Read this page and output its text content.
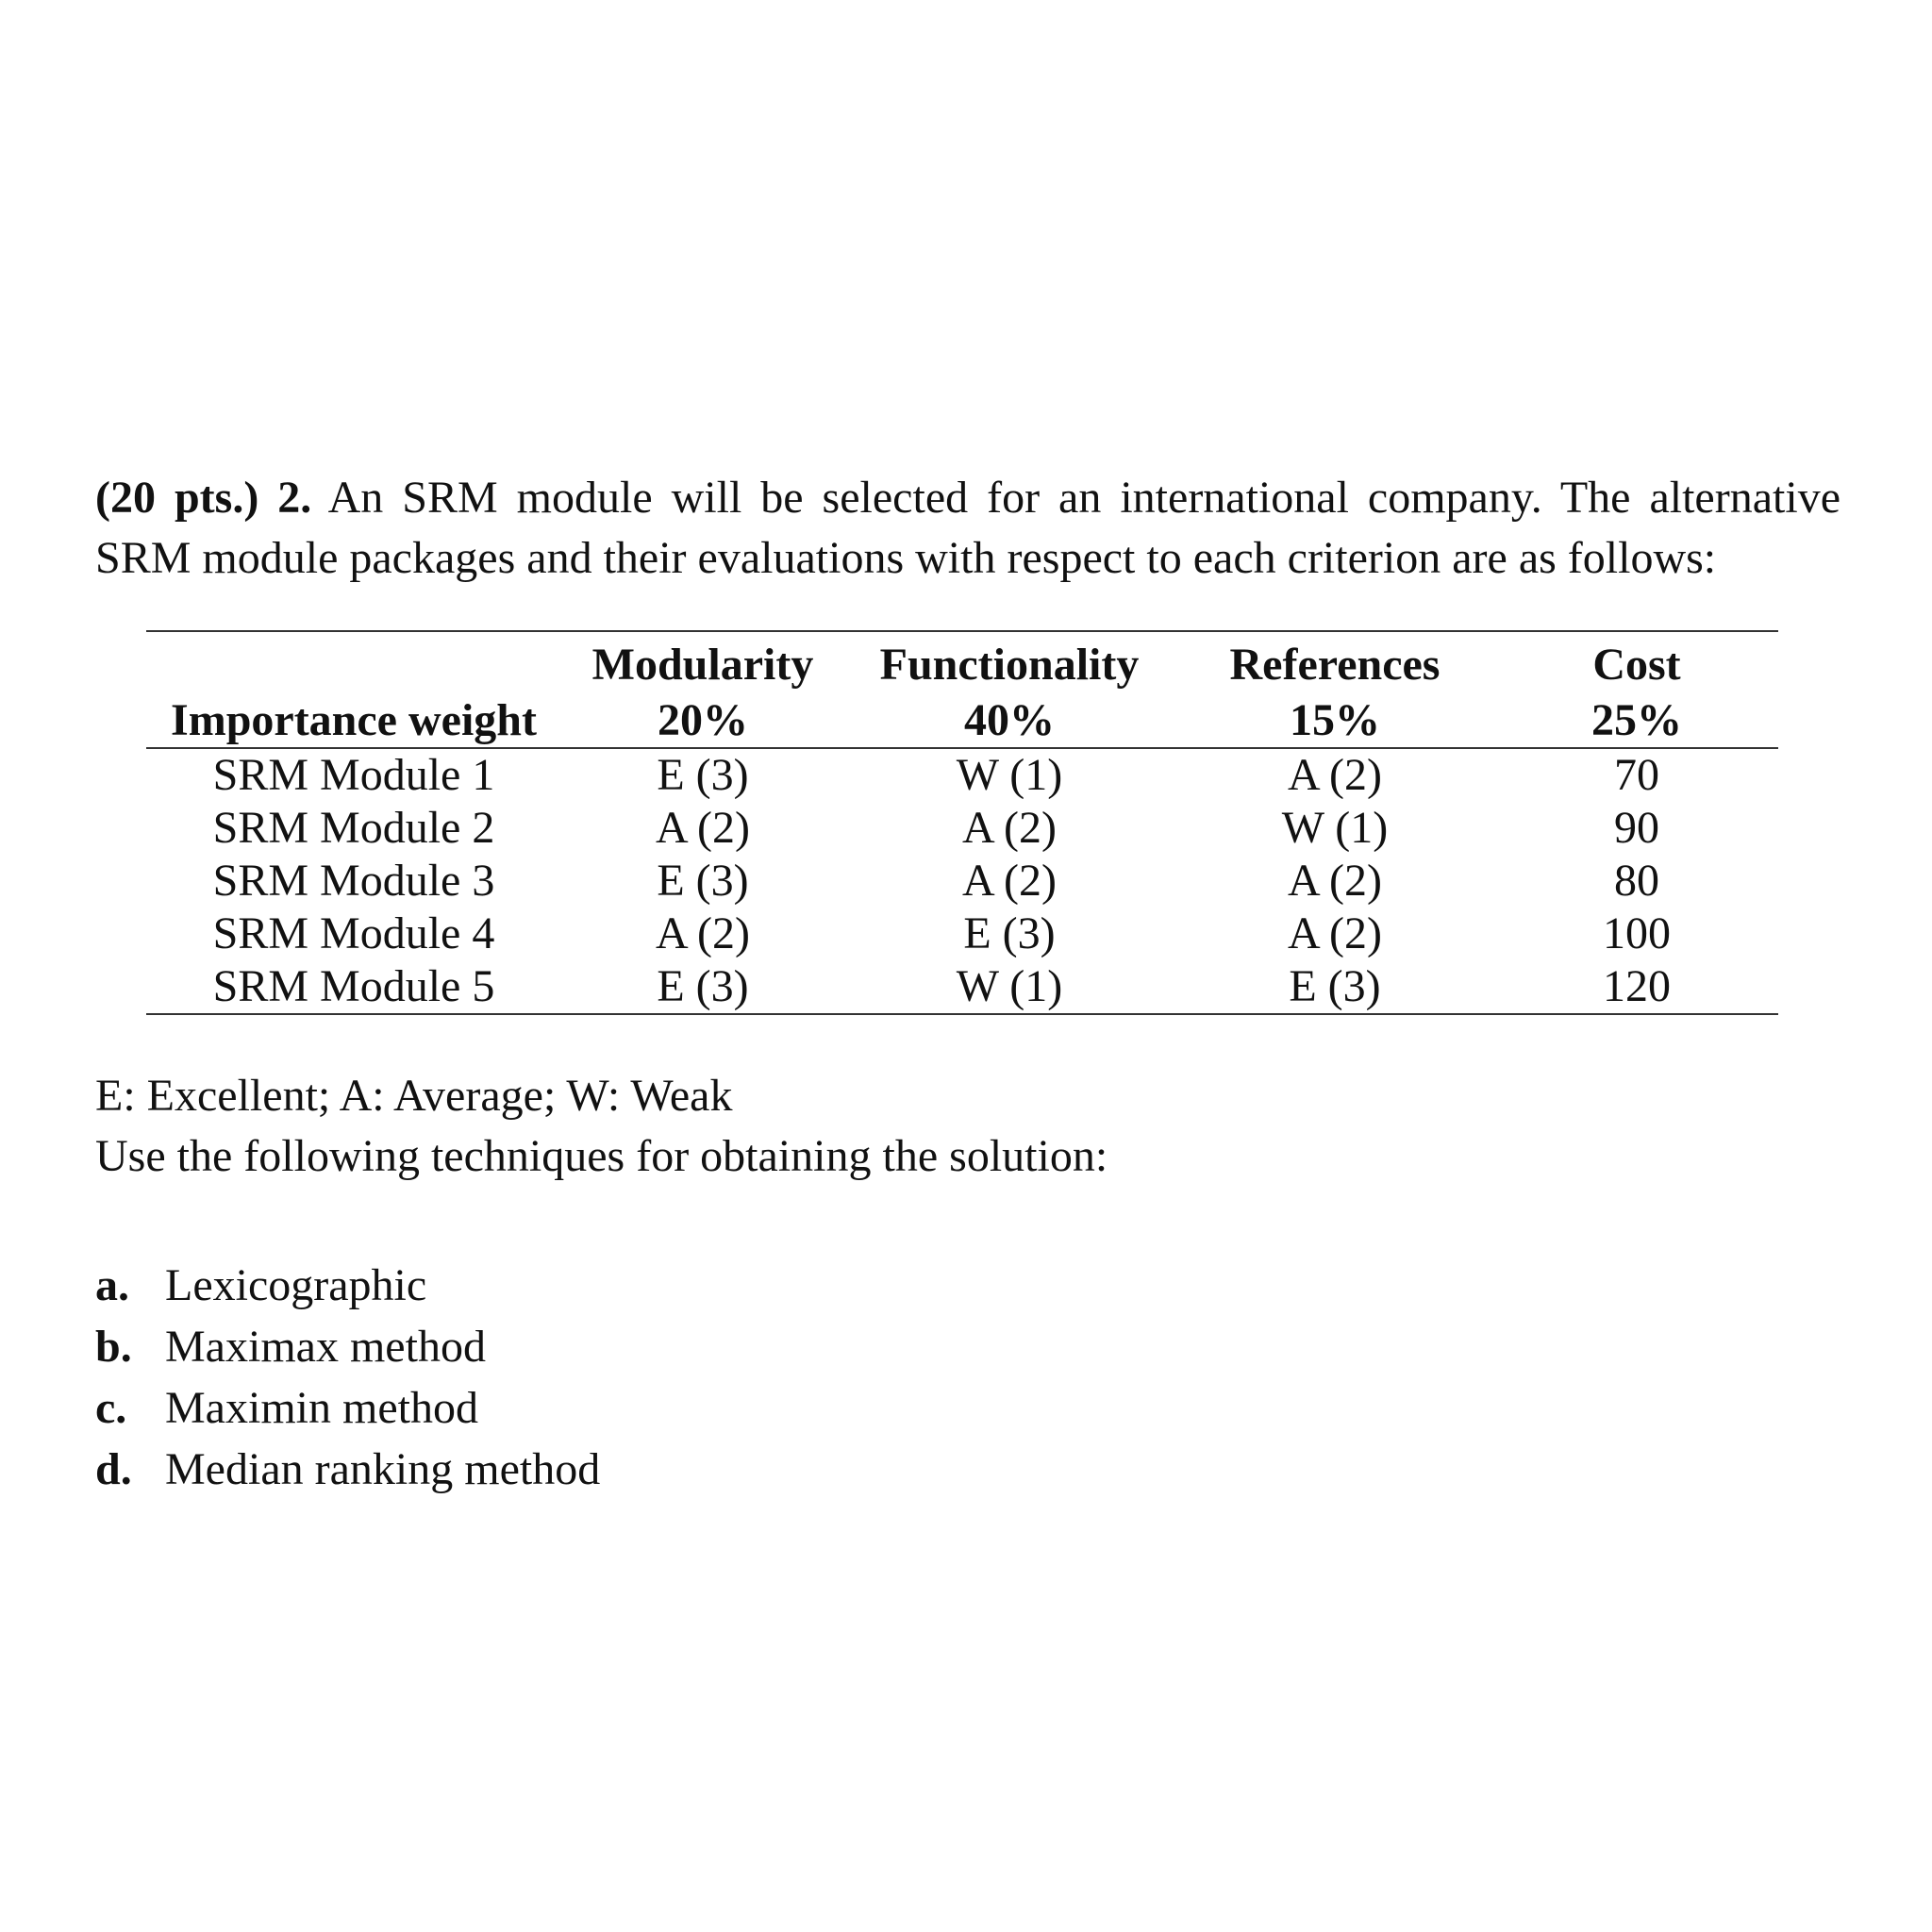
(20 pts.) 2. An SRM module will be selected for an international company. The alternative
SRM module packages and their evaluations with respect to each criterion are as follows:
	Modularity	Functionality	References	Cost
Importance weight	20%	40%	15%	25%
SRM Module 1	E (3)	W (1)	A (2)	70
SRM Module 2	A (2)	A (2)	W (1)	90
SRM Module 3	E (3)	A (2)	A (2)	80
SRM Module 4	A (2)	E (3)	A (2)	100
SRM Module 5	E (3)	W (1)	E (3)	120
E: Excellent; A: Average; W: Weak
Use the following techniques for obtaining the solution:
a. Lexicographic
b. Maximax method
c. Maximin method
d. Median ranking method
